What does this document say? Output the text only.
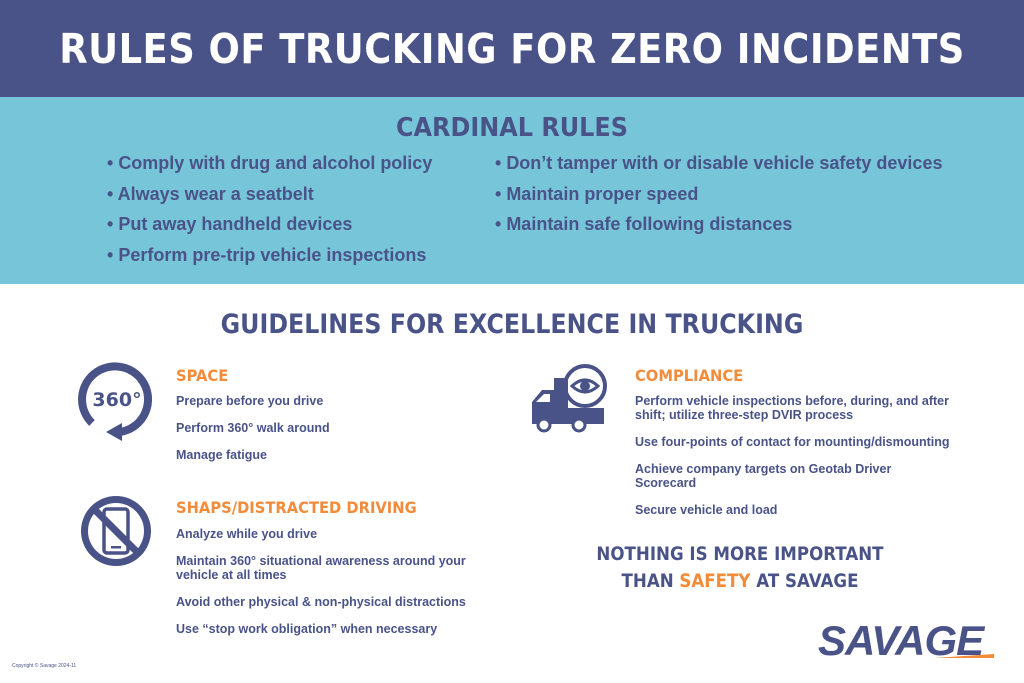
RULES OF TRUCKING FOR ZERO INCIDENTS
CARDINAL RULES
• Comply with drug and alcohol policy
• Always wear a seatbelt
• Put away handheld devices
• Perform pre-trip vehicle inspections
• Don’t tamper with or disable vehicle safety devices
• Maintain proper speed
• Maintain safe following distances
GUIDELINES FOR EXCELLENCE IN TRUCKING
360°
SPACE
Prepare before you drive
Perform 360° walk around
Manage fatigue
SHAPS/DISTRACTED DRIVING
Analyze while you drive
Maintain 360° situational awareness around your vehicle at all times
Avoid other physical & non-physical distractions
Use “stop work obligation” when necessary
COMPLIANCE
Perform vehicle inspections before, during, and after shift; utilize three-step DVIR process
Use four-points of contact for mounting/dismounting
Achieve company targets on Geotab Driver Scorecard
Secure vehicle and load
NOTHING IS MORE IMPORTANT
THAN SAFETY AT SAVAGE
SAVAGE
Copyright © Savage 2024-11
